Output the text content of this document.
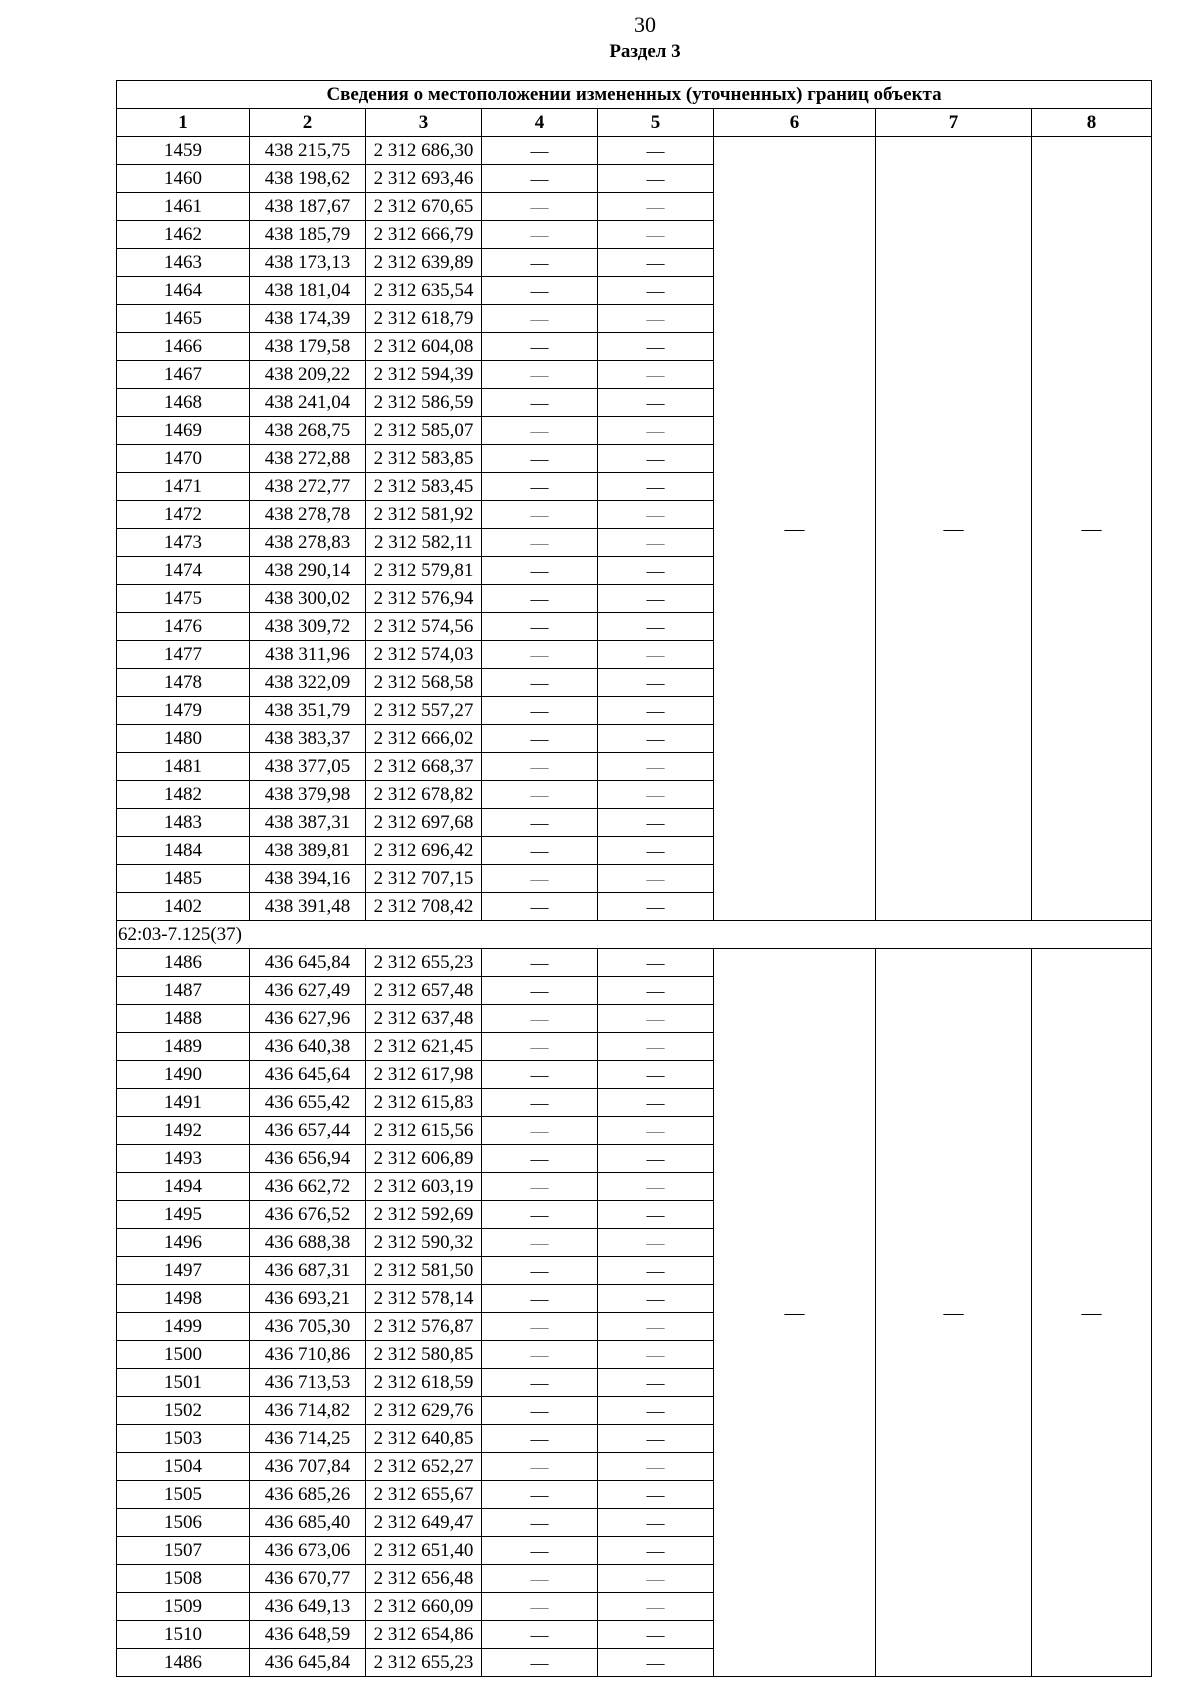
30
Раздел 3
Сведения о местоположении измененных (уточненных) границ объекта							
1	2	3	4	5	6	7	8
1459	438 215,75	2 312 686,30	—	—	—	—	—
1460	438 198,62	2 312 693,46	—	—			
1461	438 187,67	2 312 670,65	—	—			
1462	438 185,79	2 312 666,79	—	—			
1463	438 173,13	2 312 639,89	—	—			
1464	438 181,04	2 312 635,54	—	—			
1465	438 174,39	2 312 618,79	—	—			
1466	438 179,58	2 312 604,08	—	—			
1467	438 209,22	2 312 594,39	—	—			
1468	438 241,04	2 312 586,59	—	—			
1469	438 268,75	2 312 585,07	—	—			
1470	438 272,88	2 312 583,85	—	—			
1471	438 272,77	2 312 583,45	—	—			
1472	438 278,78	2 312 581,92	—	—			
1473	438 278,83	2 312 582,11	—	—			
1474	438 290,14	2 312 579,81	—	—			
1475	438 300,02	2 312 576,94	—	—			
1476	438 309,72	2 312 574,56	—	—			
1477	438 311,96	2 312 574,03	—	—			
1478	438 322,09	2 312 568,58	—	—			
1479	438 351,79	2 312 557,27	—	—			
1480	438 383,37	2 312 666,02	—	—			
1481	438 377,05	2 312 668,37	—	—			
1482	438 379,98	2 312 678,82	—	—			
1483	438 387,31	2 312 697,68	—	—			
1484	438 389,81	2 312 696,42	—	—			
1485	438 394,16	2 312 707,15	—	—			
1402	438 391,48	2 312 708,42	—	—			
62:03-7.125(37)							
1486	436 645,84	2 312 655,23	—	—	—	—	—
1487	436 627,49	2 312 657,48	—	—			
1488	436 627,96	2 312 637,48	—	—			
1489	436 640,38	2 312 621,45	—	—			
1490	436 645,64	2 312 617,98	—	—			
1491	436 655,42	2 312 615,83	—	—			
1492	436 657,44	2 312 615,56	—	—			
1493	436 656,94	2 312 606,89	—	—			
1494	436 662,72	2 312 603,19	—	—			
1495	436 676,52	2 312 592,69	—	—			
1496	436 688,38	2 312 590,32	—	—			
1497	436 687,31	2 312 581,50	—	—			
1498	436 693,21	2 312 578,14	—	—			
1499	436 705,30	2 312 576,87	—	—			
1500	436 710,86	2 312 580,85	—	—			
1501	436 713,53	2 312 618,59	—	—			
1502	436 714,82	2 312 629,76	—	—			
1503	436 714,25	2 312 640,85	—	—			
1504	436 707,84	2 312 652,27	—	—			
1505	436 685,26	2 312 655,67	—	—			
1506	436 685,40	2 312 649,47	—	—			
1507	436 673,06	2 312 651,40	—	—			
1508	436 670,77	2 312 656,48	—	—			
1509	436 649,13	2 312 660,09	—	—			
1510	436 648,59	2 312 654,86	—	—			
1486	436 645,84	2 312 655,23	—	—			
